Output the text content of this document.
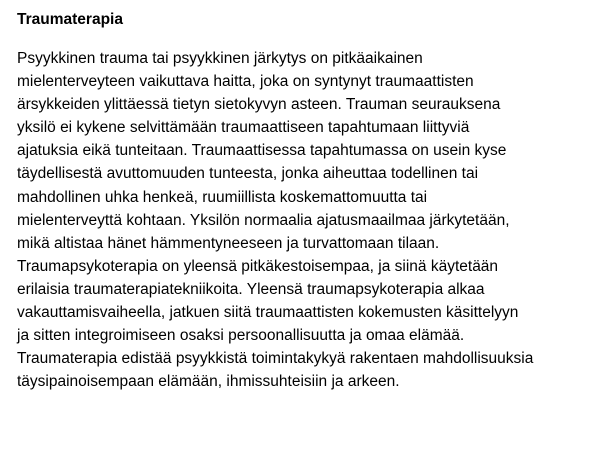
Traumaterapia
Psyykkinen trauma tai psyykkinen järkytys on pitkäaikainen
mielenterveyteen vaikuttava haitta, joka on syntynyt traumaattisten
ärsykkeiden ylittäessä tietyn sietokyvyn asteen. Trauman seurauksena
yksilö ei kykene selvittämään traumaattiseen tapahtumaan liittyviä
ajatuksia eikä tunteitaan. Traumaattisessa tapahtumassa on usein kyse
täydellisestä avuttomuuden tunteesta, jonka aiheuttaa todellinen tai
mahdollinen uhka henkeä, ruumiillista koskemattomuutta tai
mielenterveyttä kohtaan. Yksilön normaalia ajatusmaailmaa järkytetään,
mikä altistaa hänet hämmentyneeseen ja turvattomaan tilaan.
Traumapsykoterapia on yleensä pitkäkestoisempaa, ja siinä käytetään
erilaisia traumaterapiatekniikoita. Yleensä traumapsykoterapia alkaa
vakauttamisvaiheella, jatkuen siitä traumaattisten kokemusten käsittelyyn
ja sitten integroimiseen osaksi persoonallisuutta ja omaa elämää.
Traumaterapia edistää psyykkistä toimintakykyä rakentaen mahdollisuuksia
täysipainoisempaan elämään, ihmissuhteisiin ja arkeen.
